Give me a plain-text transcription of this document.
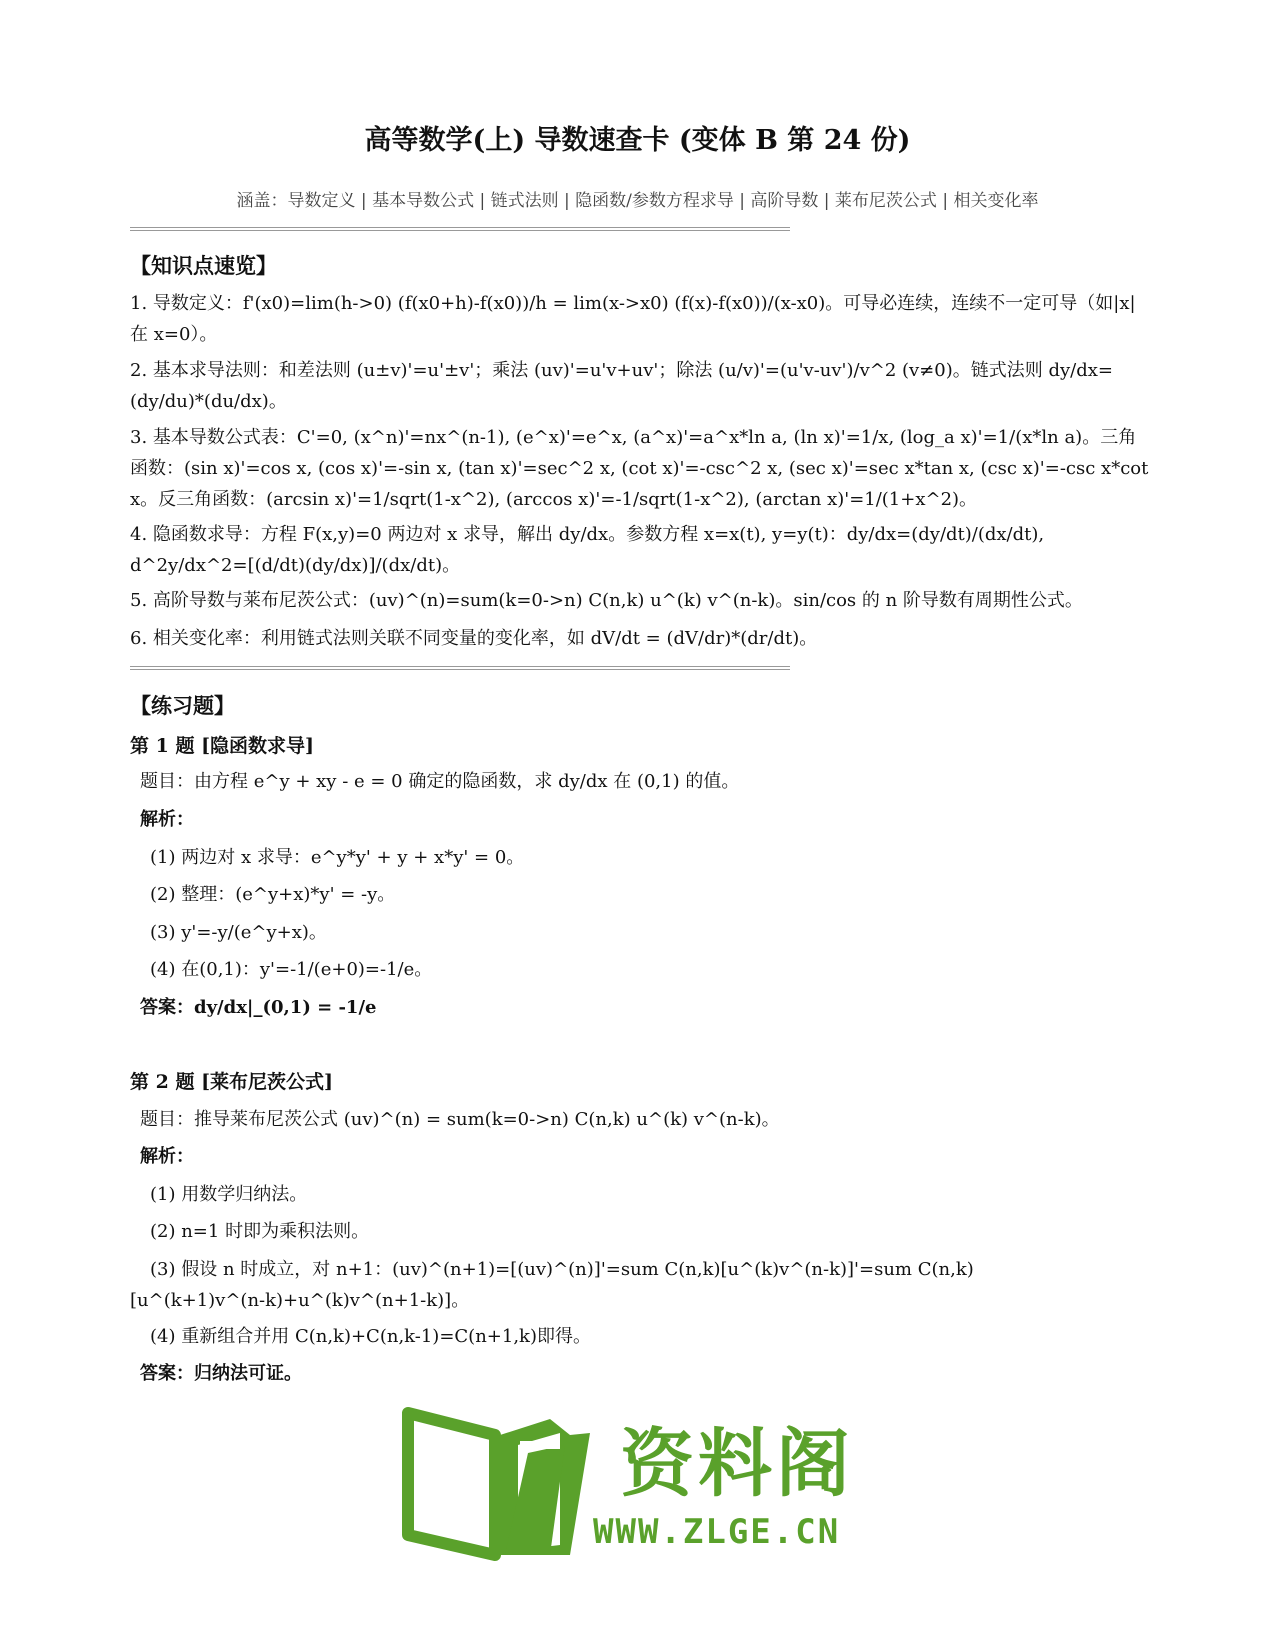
高等数学(上) 导数速查卡 (变体 B 第 24 份)
涵盖：导数定义 | 基本导数公式 | 链式法则 | 隐函数/参数方程求导 | 高阶导数 | 莱布尼茨公式 | 相关变化率
【知识点速览】
1. 导数定义：f'(x0)=lim(h->0) (f(x0+h)-f(x0))/h = lim(x->x0) (f(x)-f(x0))/(x-x0)。可导必连续，连续不一定可导（如|x|在 x=0）。
2. 基本求导法则：和差法则 (u±v)'=u'±v'；乘法 (uv)'=u'v+uv'；除法 (u/v)'=(u'v-uv')/v^2 (v≠0)。链式法则 dy/dx=(dy/du)*(du/dx)。
3. 基本导数公式表：C'=0, (x^n)'=nx^(n-1), (e^x)'=e^x, (a^x)'=a^x*ln a, (ln x)'=1/x, (log_a x)'=1/(x*ln a)。三角函数：(sin x)'=cos x, (cos x)'=-sin x, (tan x)'=sec^2 x, (cot x)'=-csc^2 x, (sec x)'=sec x*tan x, (csc x)'=-csc x*cot x。反三角函数：(arcsin x)'=1/sqrt(1-x^2), (arccos x)'=-1/sqrt(1-x^2), (arctan x)'=1/(1+x^2)。
4. 隐函数求导：方程 F(x,y)=0 两边对 x 求导，解出 dy/dx。参数方程 x=x(t), y=y(t)：dy/dx=(dy/dt)/(dx/dt), d^2y/dx^2=[(d/dt)(dy/dx)]/(dx/dt)。
5. 高阶导数与莱布尼茨公式：(uv)^(n)=sum(k=0->n) C(n,k) u^(k) v^(n-k)。sin/cos 的 n 阶导数有周期性公式。
6. 相关变化率：利用链式法则关联不同变量的变化率，如 dV/dt = (dV/dr)*(dr/dt)。
【练习题】
第 1 题 [隐函数求导]
题目：由方程 e^y + xy - e = 0 确定的隐函数，求 dy/dx 在 (0,1) 的值。
解析：
(1) 两边对 x 求导：e^y*y' + y + x*y' = 0。
(2) 整理：(e^y+x)*y' = -y。
(3) y'=-y/(e^y+x)。
(4) 在(0,1)：y'=-1/(e+0)=-1/e。
答案：dy/dx|_(0,1) = -1/e
第 2 题 [莱布尼茨公式]
题目：推导莱布尼茨公式 (uv)^(n) = sum(k=0->n) C(n,k) u^(k) v^(n-k)。
解析：
(1) 用数学归纳法。
(2) n=1 时即为乘积法则。
(3) 假设 n 时成立，对 n+1：(uv)^(n+1)=[(uv)^(n)]'=sum C(n,k)[u^(k)v^(n-k)]'=sum C(n,k)[u^(k+1)v^(n-k)+u^(k)v^(n+1-k)]。
(4) 重新组合并用 C(n,k)+C(n,k-1)=C(n+1,k)即得。
答案：归纳法可证。
资料阁
WWW.ZLGE.CN
